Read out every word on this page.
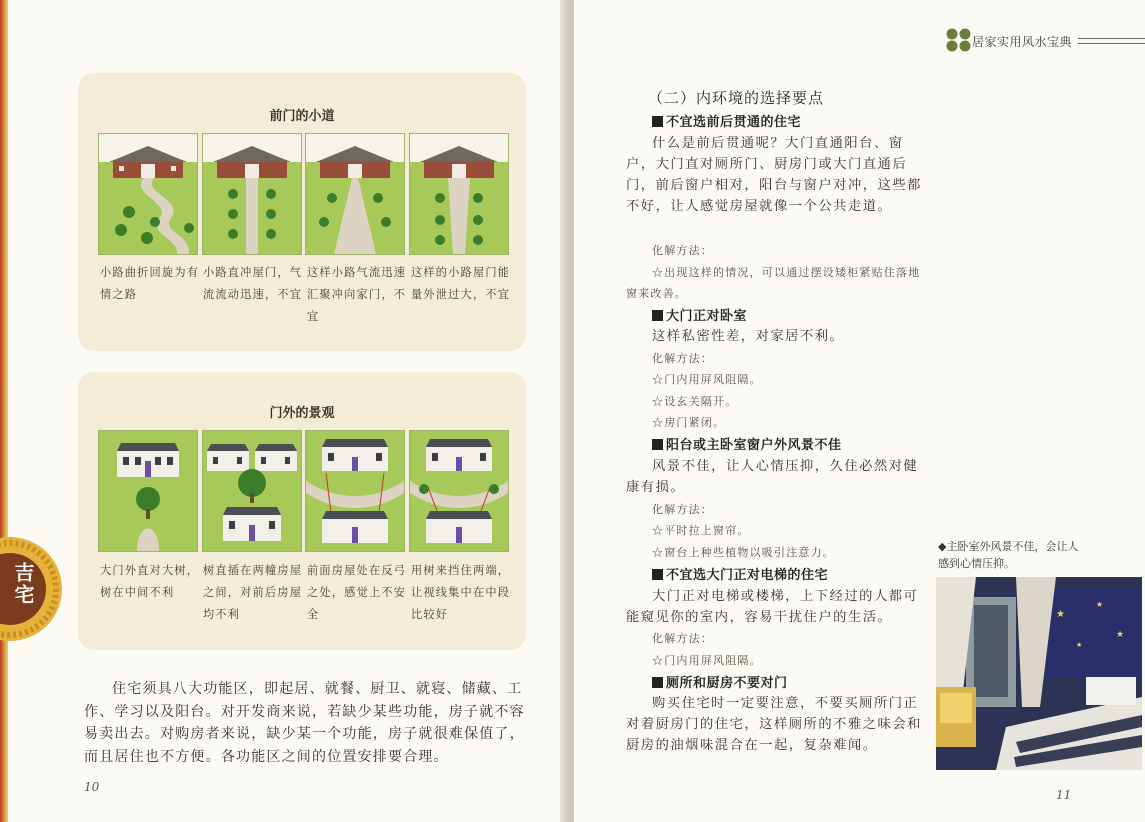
前门的小道
小路曲折回旋为有情之路
小路直冲屋门，气流流动迅速，不宜
这样小路气流迅速汇聚冲向家门，不宜
这样的小路屋门能量外泄过大，不宜
门外的景观
大门外直对大树，树在中间不利
树直插在两幢房屋之间，对前后房屋均不利
前面房屋处在反弓之处，感觉上不安全
用树来挡住两端，让视线集中在中段比较好
吉宅
住宅须具八大功能区，即起居、就餐、厨卫、就寝、储藏、工作、学习以及阳台。对开发商来说，若缺少某些功能，房子就不容易卖出去。对购房者来说，缺少某一个功能，房子就很难保值了，而且居住也不方便。各功能区之间的位置安排要合理。
10
居家实用风水宝典
（二）内环境的选择要点
不宜选前后贯通的住宅
什么是前后贯通呢？大门直通阳台、窗户，大门直对厕所门、厨房门或大门直通后门，前后窗户相对，阳台与窗户对冲，这些都不好，让人感觉房屋就像一个公共走道。
化解方法：
☆出现这样的情况，可以通过摆设矮柜紧贴住落地窗来改善。
大门正对卧室
这样私密性差，对家居不利。
化解方法：
☆门内用屏风阻隔。
☆设玄关隔开。
☆房门紧闭。
阳台或主卧室窗户外风景不佳
风景不佳，让人心情压抑，久住必然对健康有损。
化解方法：
☆平时拉上窗帘。
☆窗台上种些植物以吸引注意力。
不宜选大门正对电梯的住宅
大门正对电梯或楼梯，上下经过的人都可能窥见你的室内，容易干扰住户的生活。
化解方法：
☆门内用屏风阻隔。
厕所和厨房不要对门
购买住宅时一定要注意，不要买厕所门正对着厨房门的住宅，这样厕所的不雅之味会和厨房的油烟味混合在一起，复杂难闻。
◆主卧室外风景不佳，会让人感到心情压抑。
★
★
★
★
11
